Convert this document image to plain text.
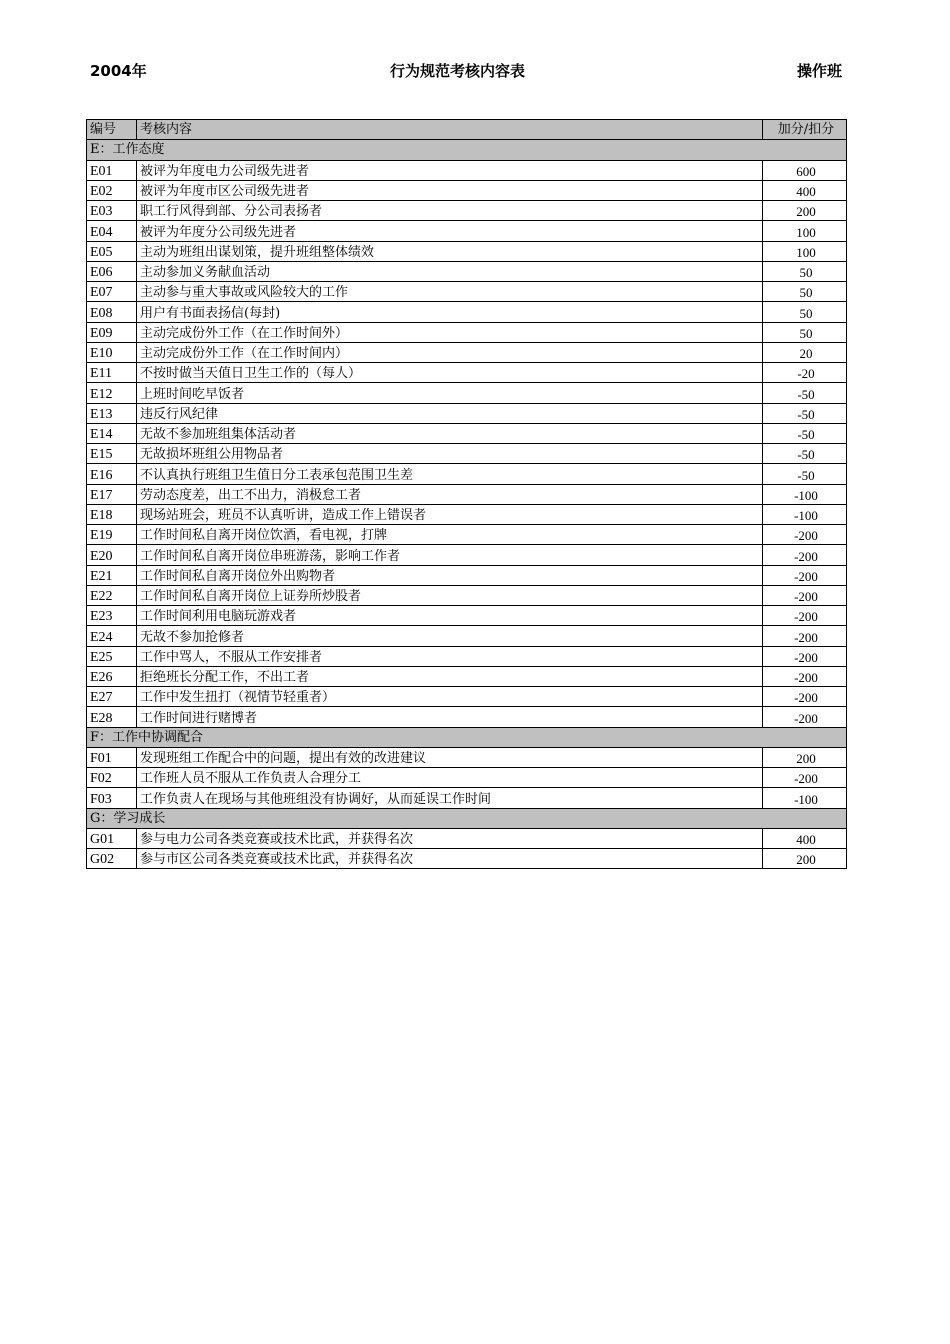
2004年	行为规范考核内容表	操作班
编号	考核内容	加分/扣分
E：工作态度		
E01	被评为年度电力公司级先进者	600
E02	被评为年度市区公司级先进者	400
E03	职工行风得到部、分公司表扬者	200
E04	被评为年度分公司级先进者	100
E05	主动为班组出谋划策，提升班组整体绩效	100
E06	主动参加义务献血活动	50
E07	主动参与重大事故或风险较大的工作	50
E08	用户有书面表扬信(每封)	50
E09	主动完成份外工作（在工作时间外）	50
E10	主动完成份外工作（在工作时间内）	20
E11	不按时做当天值日卫生工作的（每人）	-20
E12	上班时间吃早饭者	-50
E13	违反行风纪律	-50
E14	无故不参加班组集体活动者	-50
E15	无故损坏班组公用物品者	-50
E16	不认真执行班组卫生值日分工表承包范围卫生差	-50
E17	劳动态度差，出工不出力，消极怠工者	-100
E18	现场站班会，班员不认真听讲，造成工作上错误者	-100
E19	工作时间私自离开岗位饮酒，看电视，打牌	-200
E20	工作时间私自离开岗位串班游荡，影响工作者	-200
E21	工作时间私自离开岗位外出购物者	-200
E22	工作时间私自离开岗位上证券所炒股者	-200
E23	工作时间利用电脑玩游戏者	-200
E24	无故不参加抢修者	-200
E25	工作中骂人，不服从工作安排者	-200
E26	拒绝班长分配工作，不出工者	-200
E27	工作中发生扭打（视情节轻重者）	-200
E28	工作时间进行赌博者	-200
F：工作中协调配合		
F01	发现班组工作配合中的问题，提出有效的改进建议	200
F02	工作班人员不服从工作负责人合理分工	-200
F03	工作负责人在现场与其他班组没有协调好，从而延误工作时间	-100
G：学习成长		
G01	参与电力公司各类竞赛或技术比武，并获得名次	400
G02	参与市区公司各类竞赛或技术比武，并获得名次	200
